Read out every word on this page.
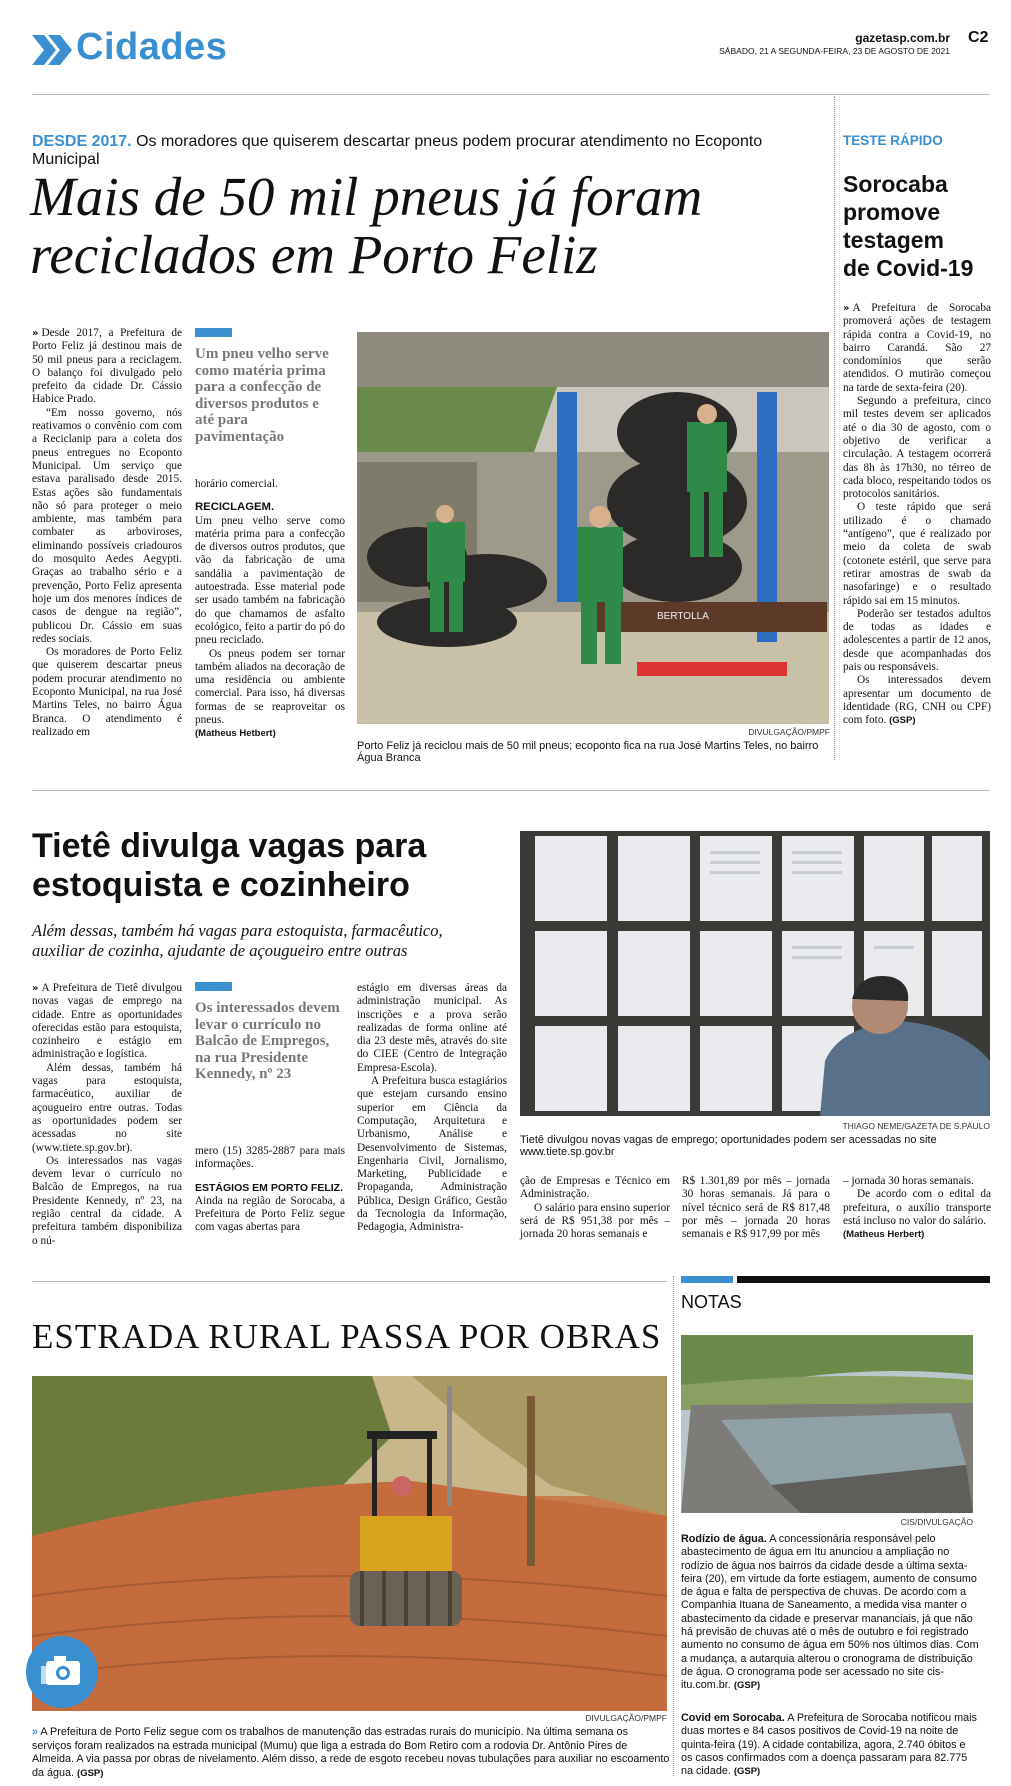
Cidades	gazetasp.com.br
SÁBADO, 21 A SEGUNDA-FEIRA, 23 DE AGOSTO DE 2021
C2
DESDE 2017. Os moradores que quiserem descartar pneus podem procurar atendimento no Ecoponto Municipal
Mais de 50 mil pneus já foram
reciclados em Porto Feliz

» Desde 2017, a Prefeitura de Porto Feliz já destinou mais de 50 mil pneus para a reciclagem. O balanço foi divulgado pelo prefeito da cidade Dr. Cássio Habice Prado.

“Em nosso governo, nós reativamos o convênio com com a Reciclanip para a coleta dos pneus entregues no Ecoponto Municipal. Um serviço que estava paralisado desde 2015. Estas ações são fundamentais não só para proteger o meio ambiente, mas também para combater as arboviroses, eliminando possíveis criadouros do mosquito Aedes Aegypti. Graças ao trabalho sério e a prevenção, Porto Feliz apresenta hoje um dos menores índices de casos de dengue na região”, publicou Dr. Cássio em suas redes sociais.

Os moradores de Porto Feliz que quiserem descartar pneus podem procurar atendimento no Ecoponto Municipal, na rua José Martins Teles, no bairro Água Branca. O atendimento é realizado em

Um pneu velho serve como matéria prima para a confecção de diversos produtos e até para pavimentação

horário comercial.

RECICLAGEM.

Um pneu velho serve como matéria prima para a confecção de diversos outros produtos, que vão da fabricação de uma sandália a pavimentação de autoestrada. Esse material pode ser usado também na fabricação do que chamamos de asfalto ecológico, feito a partir do pó do pneu reciclado.

Os pneus podem ser tornar também aliados na decoração de uma residência ou ambiente comercial. Para isso, há diversas formas de se reaproveitar os pneus.

(Matheus Hetbert)

BERTOLLA
DIVULGAÇÃO/PMPF
Porto Feliz já reciclou mais de 50 mil pneus; ecoponto fica na rua José Martins Teles, no bairro Água Branca
TESTE RÁPIDO
Sorocaba
promove
testagem
de Covid-19

» A Prefeitura de Sorocaba promoverá ações de testagem rápida contra a Covid-19, no bairro Carandá. São 27 condomínios que serão atendidos. O mutirão começou na tarde de sexta-feira (20).

Segundo a prefeitura, cinco mil testes devem ser aplicados até o dia 30 de agosto, com o objetivo de verificar a circulação. A testagem ocorrerá das 8h às 17h30, no térreo de cada bloco, respeitando todos os protocolos sanitários.

O teste rápido que será utilizado é o chamado “antígeno”, que é realizado por meio da coleta de swab (cotonete estéril, que serve para retirar amostras de swab da nasofaringe) e o resultado rápido sai em 15 minutos.

Poderão ser testados adultos de todas as idades e adolescentes a partir de 12 anos, desde que acompanhadas dos pais ou responsáveis.

Os interessados devem apresentar um documento de identidade (RG, CNH ou CPF) com foto. (GSP)

Tietê divulga vagas para
estoquista e cozinheiro
Além dessas, também há vagas para estoquista, farmacêutico,
auxiliar de cozinha, ajudante de açougueiro entre outras

» A Prefeitura de Tietê divulgou novas vagas de emprego na cidade. Entre as oportunidades oferecidas estão para estoquista, cozinheiro e estágio em administração e logística.

Além dessas, também há vagas para estoquista, farmacêutico, auxiliar de açougueiro entre outras. Todas as oportunidades podem ser acessadas no site (www.tiete.sp.gov.br).

Os interessados nas vagas devem levar o currículo no Balcão de Empregos, na rua Presidente Kennedy, nº 23, na região central da cidade. A prefeitura também disponibiliza o nú-

Os interessados devem levar o currículo no Balcão de Empregos, na rua Presidente Kennedy, nº 23

mero (15) 3285-2887 para mais informações.

ESTÁGIOS EM PORTO FELIZ.

Ainda na região de Sorocaba, a Prefeitura de Porto Feliz segue com vagas abertas para

estágio em diversas áreas da administração municipal. As inscrições e a prova serão realizadas de forma online até dia 23 deste mês, através do site do CIEE (Centro de Integração Empresa-Escola).

A Prefeitura busca estagiários que estejam cursando ensino superior em Ciência da Computação, Arquitetura e Urbanismo, Análise e Desenvolvimento de Sistemas, Engenharia Civil, Jornalismo, Marketing, Publicidade e Propaganda, Administração Pública, Design Gráfico, Gestão da Tecnologia da Informação, Pedagogia, Administra-

THIAGO NEME/GAZETA DE S.PAULO
Tietê divulgou novas vagas de emprego; oportunidades podem ser acessadas no site www.tiete.sp.gov.br

ção de Empresas e Técnico em Administração.

O salário para ensino superior será de R$ 951,38 por mês – jornada 20 horas semanais e

R$ 1.301,89 por mês – jornada 30 horas semanais. Já para o nível técnico será de R$ 817,48 por mês – jornada 20 horas semanais e R$ 917,99 por mês

– jornada 30 horas semanais.

De acordo com o edital da prefeitura, o auxílio transporte está incluso no valor do salário.

(Matheus Herbert)

ESTRADA RURAL PASSA POR OBRAS
DIVULGAÇÃO/PMPF
» A Prefeitura de Porto Feliz segue com os trabalhos de manutenção das estradas rurais do município. Na última semana os serviços foram realizados na estrada municipal (Mumu) que liga a estrada do Bom Retiro com a rodovia Dr. Antônio Pires de Almeida. A via passa por obras de nivelamento. Além disso, a rede de esgoto recebeu novas tubulações para auxiliar no escoamento da água. (GSP)
NOTAS
CIS/DIVULGAÇÃO
Rodízio de água. A concessionária responsável pelo abastecimento de água em Itu anunciou a ampliação no rodízio de água nos bairros da cidade desde a última sexta-feira (20), em virtude da forte estiagem, aumento de consumo de água e falta de perspectiva de chuvas. De acordo com a Companhia Ituana de Saneamento, a medida visa manter o abastecimento da cidade e preservar mananciais, já que não há previsão de chuvas até o mês de outubro e foi registrado aumento no consumo de água em 50% nos últimos dias. Com a mudança, a autarquia alterou o cronograma de distribuição de água. O cronograma pode ser acessado no site cis-itu.com.br. (GSP)
Covid em Sorocaba. A Prefeitura de Sorocaba notificou mais duas mortes e 84 casos positivos de Covid-19 na noite de quinta-feira (19). A cidade contabiliza, agora, 2.740 óbitos e os casos confirmados com a doença passaram para 82.775 na cidade. (GSP)
